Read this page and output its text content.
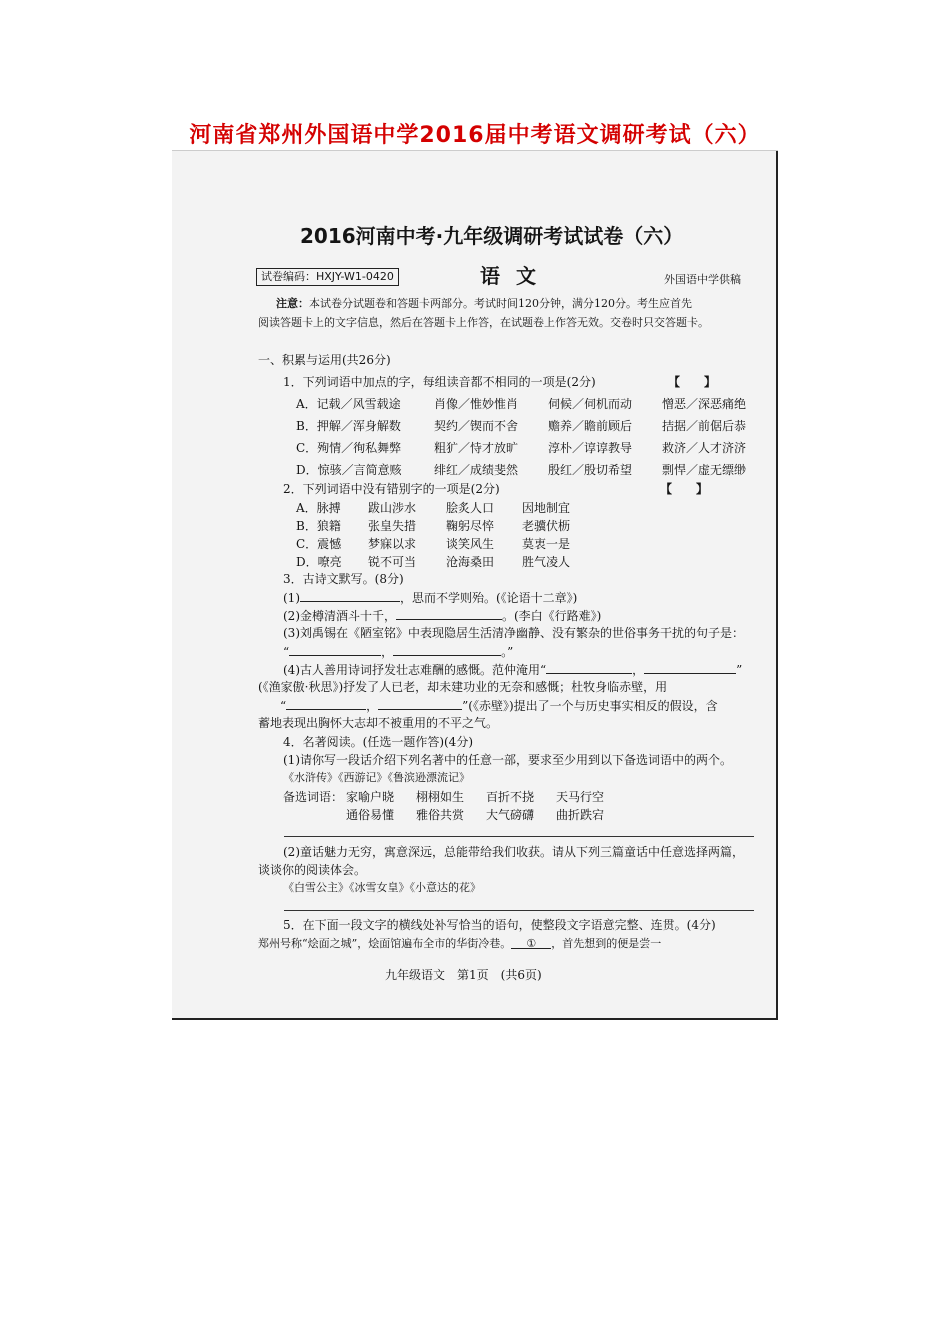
河南省郑州外国语中学2016届中考语文调研考试（六）
2016河南中考·九年级调研考试试卷（六）
试卷编码：HXJY-W1-0420	语文	外国语中学供稿
注意：本试卷分试题卷和答题卡两部分。考试时间120分钟，满分120分。考生应首先
阅读答题卡上的文字信息，然后在答题卡上作答，在试题卷上作答无效。交卷时只交答题卡。
一、积累与运用(共26分)
1．下列词语中加点的字，每组读音都不相同的一项是(2分)	【　　】
A．记载／风雪载途	肖像／惟妙惟肖 伺候／伺机而动 憎恶／深恶痛绝
B．押解／浑身解数	契约／锲而不舍 赡养／瞻前顾后 拮据／前倨后恭
C．殉情／徇私舞弊	粗犷／恃才放旷 淳朴／谆谆教导 救济／人才济济
D．惊骇／言简意赅	绯红／成绩斐然 殷红／殷切希望 剽悍／虚无缥缈
2．下列词语中没有错别字的一项是(2分)	【　　】
A．脉搏 跋山涉水 脍炙人口 因地制宜
B．狼籍 张皇失措 鞠躬尽悴 老骥伏枥
C．震憾 梦寐以求 谈笑风生 莫衷一是
D．嘹亮 锐不可当 沧海桑田 胜气凌人
3．古诗文默写。(8分)
(1)	，思而不学则殆。(《论语十二章》)
(2)金樽清酒斗十千，	。(李白《行路难》)
(3)刘禹锡在《陋室铭》中表现隐居生活清净幽静、没有繁杂的世俗事务干扰的句子是：
“	，	。”
(4)古人善用诗词抒发壮志难酬的感慨。范仲淹用“	，	”
(《渔家傲·秋思》)抒发了人已老，却未建功业的无奈和感慨；杜牧身临赤壁，用
“	，	”(《赤壁》)提出了一个与历史事实相反的假设，含
蓄地表现出胸怀大志却不被重用的不平之气。
4．名著阅读。(任选一题作答)(4分)
(1)请你写一段话介绍下列名著中的任意一部，要求至少用到以下备选词语中的两个。
《水浒传》《西游记》《鲁滨逊漂流记》
备选词语： 家喻户晓 栩栩如生 百折不挠 天马行空
通俗易懂 雅俗共赏 大气磅礴 曲折跌宕
(2)童话魅力无穷，寓意深远，总能带给我们收获。请从下列三篇童话中任意选择两篇，
谈谈你的阅读体会。
《白雪公主》《冰雪女皇》《小意达的花》
5．在下面一段文字的横线处补写恰当的语句，使整段文字语意完整、连贯。(4分)
郑州号称“烩面之城”，烩面馆遍布全市的华街冷巷。 ① ，首先想到的便是尝一
九年级语文　第1页　(共6页)
